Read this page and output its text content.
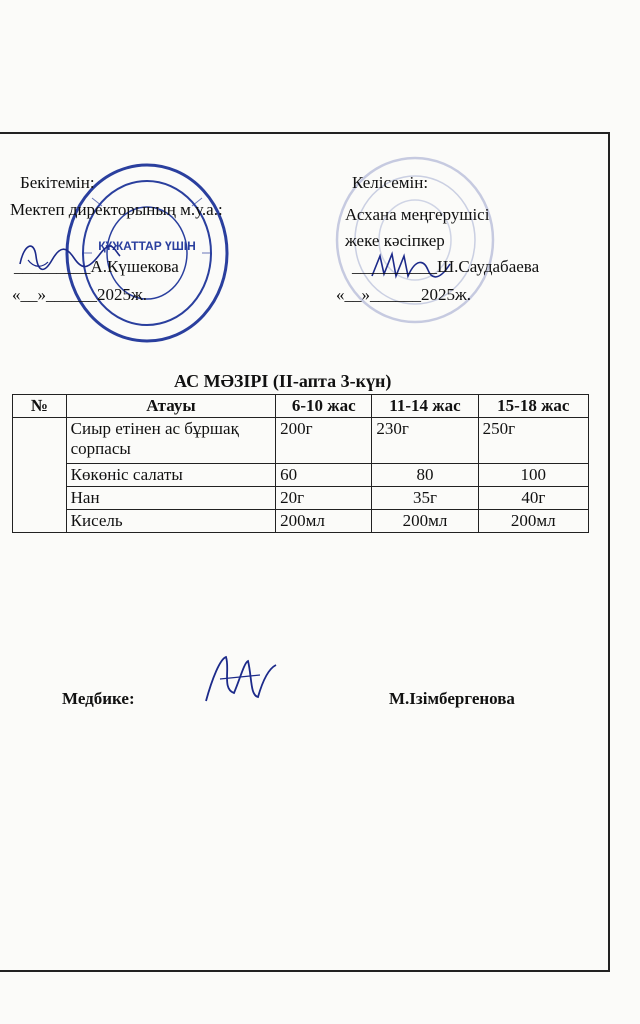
ҚҰЖАТТАР ҮШІН
Бекітемін:
Мектеп директорының м.у.а.:
_________А.Күшекова
«__»______2025ж.
Келісемін:
Асхана меңгерушісі
жеке кәсіпкер
__________Ш.Саудабаева
«__»______2025ж.
АС МӘЗІРІ (ІІ-апта 3-күн)
№	Атауы	6-10 жас	11-14 жас	15-18 жас
	Сиыр етінен ас бұршақ сорпасы	200г	230г	250г
	Көкөніс салаты	60	80	100
	Нан	20г	35г	40г
	Кисель	200мл	200мл	200мл
Медбике:	М.Ізімбергенова
